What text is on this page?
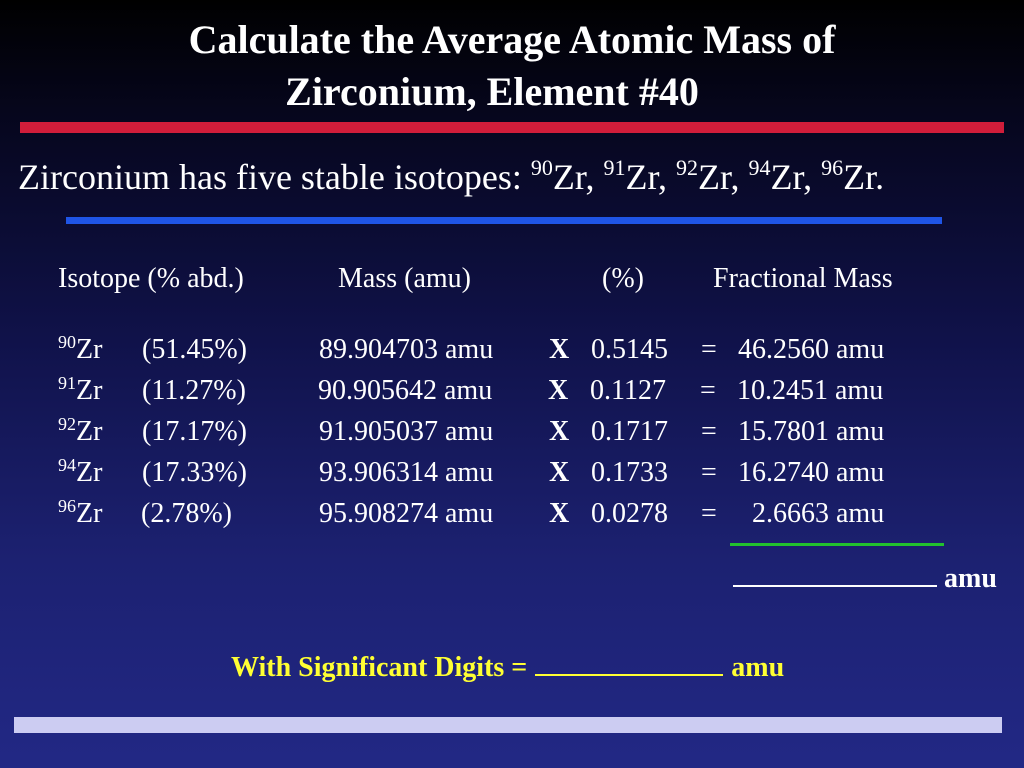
Calculate the Average Atomic Mass of

Zirconium, Element #40
Zirconium has five stable isotopes: $^{90}$Zr, $^{91}$Zr, $^{92}$Zr, $^{94}$Zr, $^{96}$Zr.
Isotope (% abd.)	Mass (amu)	(%) Fractional Mass
$^{90}$Zr (51.45%)	89.904703 amu X 0.5145 = 46.2560 amu
$^{91}$Zr (11.27%)	90.905642 amu X 0.1127 = 10.2451 amu
$^{92}$Zr (17.17%)	91.905037 amu X 0.1717 = 15.7801 amu
$^{94}$Zr (17.33%)	93.906314 amu X 0.1733 = 16.2740 amu
$^{96}$Zr (2.78%)	95.908274 amu X 0.0278 = 2.6663 amu
amu
With Significant Digits =	amu
